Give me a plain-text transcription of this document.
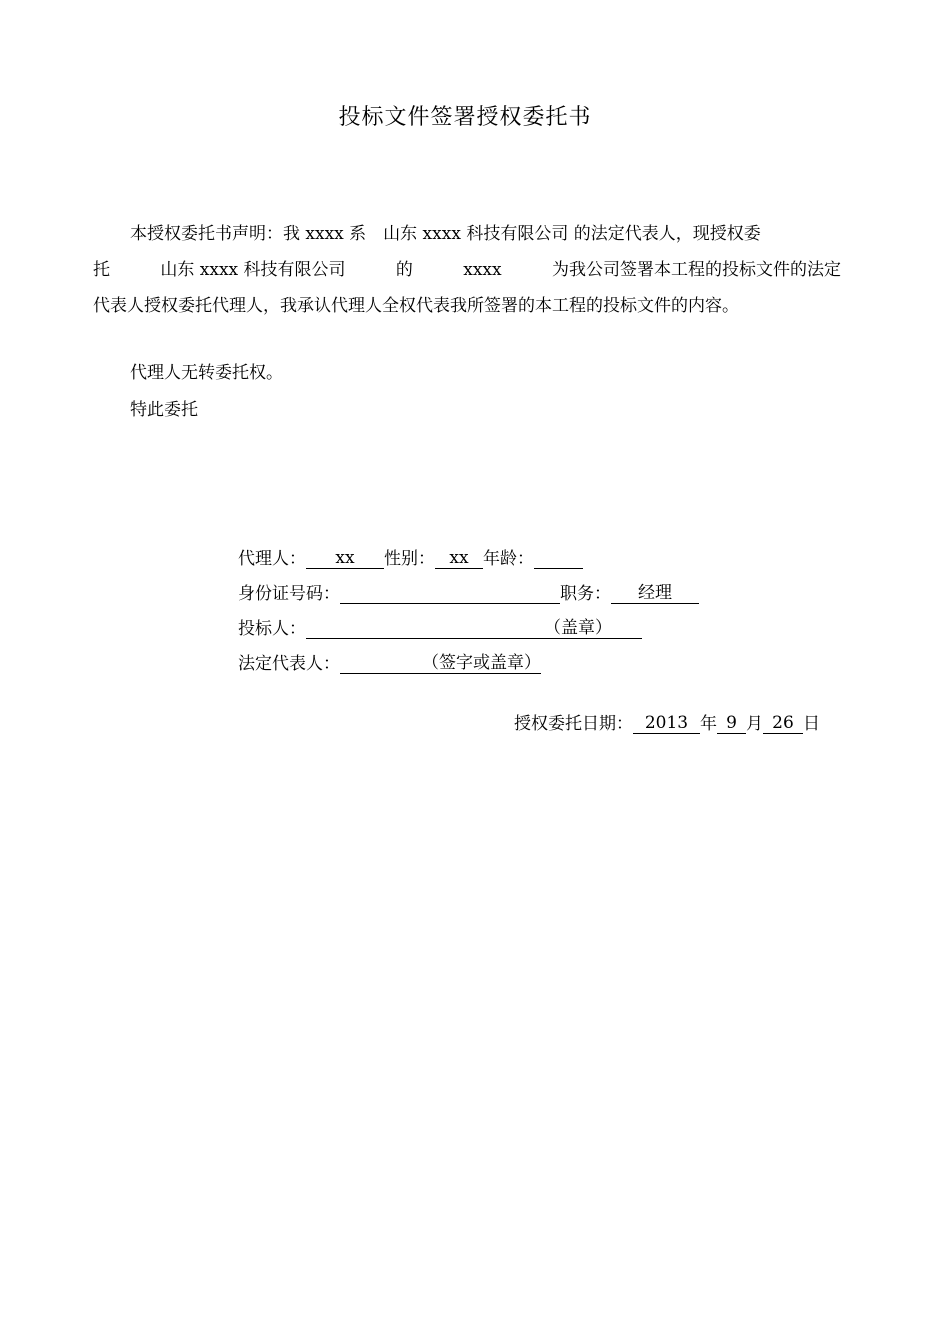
投标文件签署授权委托书
本授权委托书声明：我 xxxx 系　山东 xxxx 科技有限公司 的法定代表人，现授权委
托	山东 xxxx 科技有限公司	的	xxxx	为我公司签署本工程的投标文件的法定
代表人授权委托代理人，我承认代理人全权代表我所签署的本工程的投标文件的内容。
代理人无转委托权。
特此委托
代理人：	xx	性别： xx 年龄：
身份证号码：	职务：	经理
投标人：	（盖章）
法定代表人：	（签字或盖章）
授权委托日期： 2013 年 9 月 26 日
